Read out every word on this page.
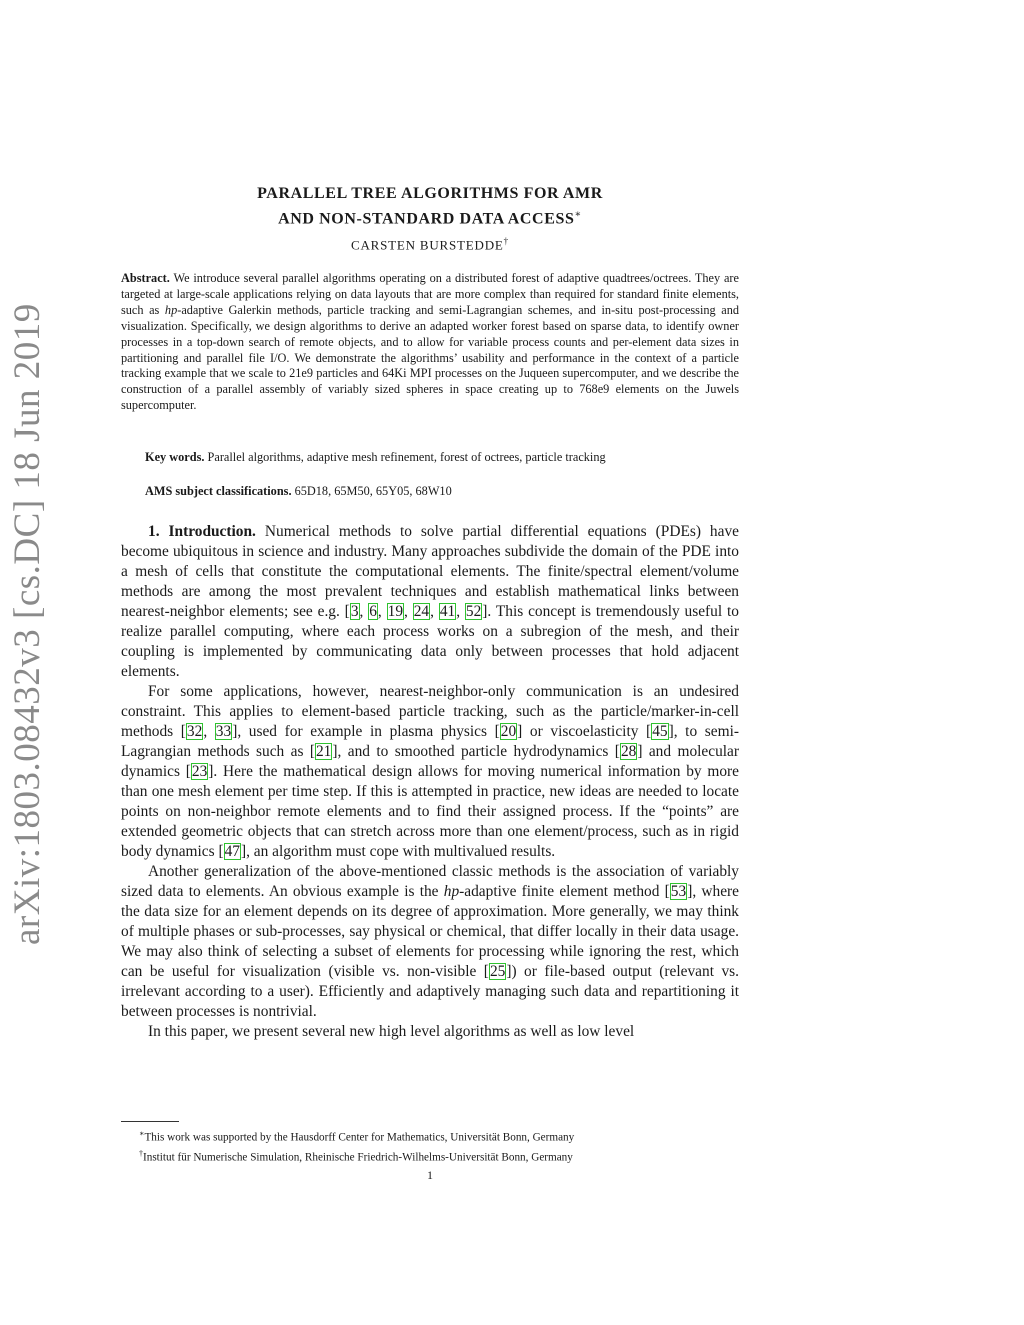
arXiv:1803.08432v3 [cs.DC] 18 Jun 2019
PARALLEL TREE ALGORITHMS FOR AMR
AND NON-STANDARD DATA ACCESS∗
CARSTEN BURSTEDDE†
Abstract. We introduce several parallel algorithms operating on a distributed forest of adaptive quadtrees/octrees. They are targeted at large-scale applications relying on data layouts that are more complex than required for standard finite elements, such as hp-adaptive Galerkin methods, particle tracking and semi-Lagrangian schemes, and in-situ post-processing and visualization. Specifically, we design algorithms to derive an adapted worker forest based on sparse data, to identify owner processes in a top-down search of remote objects, and to allow for variable process counts and per-element data sizes in partitioning and parallel file I/O. We demonstrate the algorithms’ usability and performance in the context of a particle tracking example that we scale to 21e9 particles and 64Ki MPI processes on the Juqueen supercomputer, and we describe the construction of a parallel assembly of variably sized spheres in space creating up to 768e9 elements on the Juwels supercomputer.
Key words. Parallel algorithms, adaptive mesh refinement, forest of octrees, particle tracking
AMS subject classifications. 65D18, 65M50, 65Y05, 68W10

1. Introduction. Numerical methods to solve partial differential equations (PDEs) have become ubiquitous in science and industry. Many approaches subdivide the domain of the PDE into a mesh of cells that constitute the computational elements. The finite/spectral element/volume methods are among the most prevalent techniques and establish mathematical links between nearest-neighbor elements; see e.g. [3, 6, 19, 24, 41, 52]. This concept is tremendously useful to realize parallel computing, where each process works on a subregion of the mesh, and their coupling is implemented by communicating data only between processes that hold adjacent elements.

For some applications, however, nearest-neighbor-only communication is an undesired constraint. This applies to element-based particle tracking, such as the particle/marker-in-cell methods [32, 33], used for example in plasma physics [20] or viscoelasticity [45], to semi-Lagrangian methods such as [21], and to smoothed particle hydrodynamics [28] and molecular dynamics [23]. Here the mathematical design allows for moving numerical information by more than one mesh element per time step. If this is attempted in practice, new ideas are needed to locate points on non-neighbor remote elements and to find their assigned process. If the “points” are extended geometric objects that can stretch across more than one element/process, such as in rigid body dynamics [47], an algorithm must cope with multivalued results.

Another generalization of the above-mentioned classic methods is the association of variably sized data to elements. An obvious example is the hp-adaptive finite element method [53], where the data size for an element depends on its degree of approximation. More generally, we may think of multiple phases or sub-processes, say physical or chemical, that differ locally in their data usage. We may also think of selecting a subset of elements for processing while ignoring the rest, which can be useful for visualization (visible vs. non-visible [25]) or file-based output (relevant vs. irrelevant according to a user). Efficiently and adaptively managing such data and repartitioning it between processes is nontrivial.

In this paper, we present several new high level algorithms as well as low level

∗This work was supported by the Hausdorff Center for Mathematics, Universität Bonn, Germany
†Institut für Numerische Simulation, Rheinische Friedrich-Wilhelms-Universität Bonn, Germany
1
